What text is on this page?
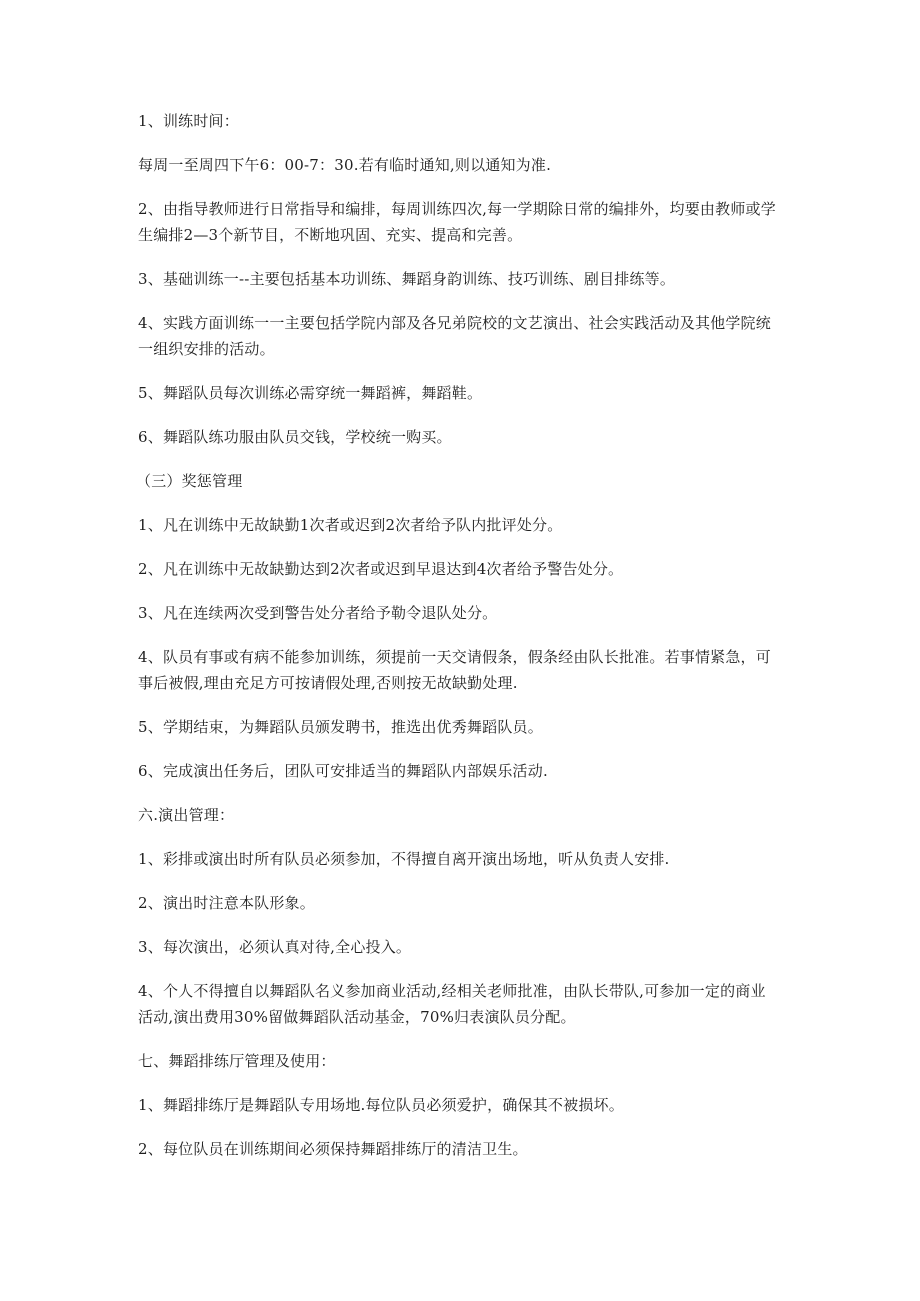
1、训练时间：

每周一至周四下午6：00-7：30.若有临时通知,则以通知为准.

2、由指导教师进行日常指导和编排，每周训练四次,每一学期除日常的编排外，均要由教师或学生编排2—3个新节目，不断地巩固、充实、提高和完善。

3、基础训练一--主要包括基本功训练、舞蹈身韵训练、技巧训练、剧目排练等。

4、实践方面训练一一主要包括学院内部及各兄弟院校的文艺演出、社会实践活动及其他学院统一组织安排的活动。

5、舞蹈队员每次训练必需穿统一舞蹈裤，舞蹈鞋。

6、舞蹈队练功服由队员交钱，学校统一购买。

（三）奖惩管理

1、凡在训练中无故缺勤1次者或迟到2次者给予队内批评处分。

2、凡在训练中无故缺勤达到2次者或迟到早退达到4次者给予警告处分。

3、凡在连续两次受到警告处分者给予勒令退队处分。

4、队员有事或有病不能参加训练，须提前一天交请假条，假条经由队长批准。若事情紧急，可事后被假,理由充足方可按请假处理,否则按无故缺勤处理.

5、学期结束，为舞蹈队员颁发聘书，推选出优秀舞蹈队员。

6、完成演出任务后，团队可安排适当的舞蹈队内部娱乐活动.

六.演出管理：

1、彩排或演出时所有队员必须参加，不得擅自离开演出场地，听从负责人安排.

2、演出时注意本队形象。

3、每次演出，必须认真对待,全心投入。

4、个人不得擅自以舞蹈队名义参加商业活动,经相关老师批准，由队长带队,可参加一定的商业活动,演出费用30%留做舞蹈队活动基金，70%归表演队员分配。

七、舞蹈排练厅管理及使用：

1、舞蹈排练厅是舞蹈队专用场地.每位队员必须爱护，确保其不被损坏。

2、每位队员在训练期间必须保持舞蹈排练厅的清洁卫生。
